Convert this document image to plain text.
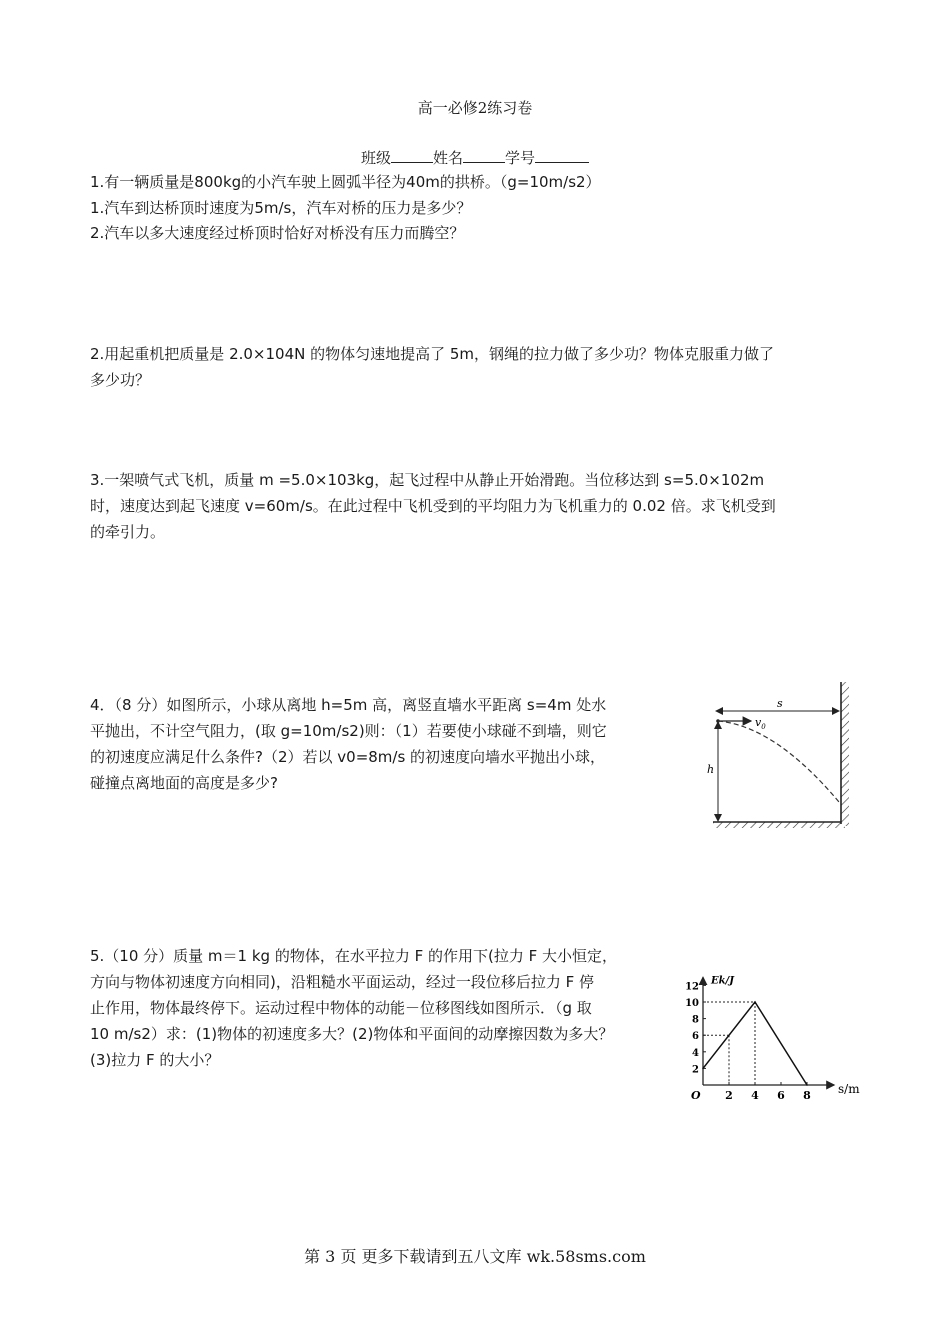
高一必修2练习卷
班级	姓名	学号
1.有一辆质量是800kg的小汽车驶上圆弧半径为40m的拱桥。（g=10m/s2）
1.汽车到达桥顶时速度为5m/s，汽车对桥的压力是多少？
2.汽车以多大速度经过桥顶时恰好对桥没有压力而腾空？
2.用起重机把质量是 2.0×104N 的物体匀速地提高了 5m，钢绳的拉力做了多少功？物体克服重力做了
多少功？
3.一架喷气式飞机，质量 m =5.0×103kg，起飞过程中从静止开始滑跑。当位移达到 s=5.0×102m
时，速度达到起飞速度 v=60m/s。在此过程中飞机受到的平均阻力为飞机重力的 0.02 倍。求飞机受到
的牵引力。
4．（8 分）如图所示，小球从离地 h=5m 高，离竖直墙水平距离 s=4m 处水
平抛出，不计空气阻力，(取 g=10m/s2)则：（1）若要使小球碰不到墙，则它
的初速度应满足什么条件?（2）若以 v0=8m/s 的初速度向墙水平抛出小球，
碰撞点离地面的高度是多少?
s
h
$v_0$
5.（10 分）质量 m＝1 kg 的物体，在水平拉力 F 的作用下(拉力 F 大小恒定，
方向与物体初速度方向相同)，沿粗糙水平面运动，经过一段位移后拉力 F 停
止作用，物体最终停下。运动过程中物体的动能－位移图线如图所示．（g 取
10 m/s2）求：(1)物体的初速度多大？(2)物体和平面间的动摩擦因数为多大？
(3)拉力 F 的大小？
2 4 6 8
2
4
6
8
10
12
O
Ek/J
s/m
第 3 页 更多下载请到五八文库 wk.58sms.com
